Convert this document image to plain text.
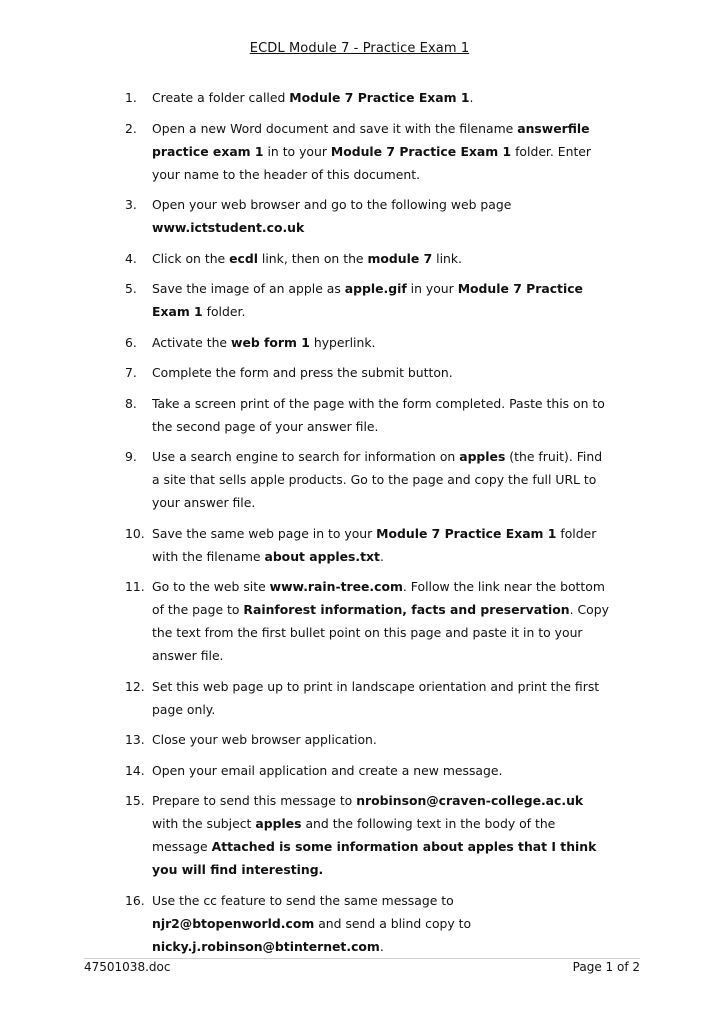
ECDL Module 7 - Practice Exam 1
1. Create a folder called Module 7 Practice Exam 1.
2. Open a new Word document and save it with the filename answerfile practice exam 1 in to your Module 7 Practice Exam 1 folder. Enter your name to the header of this document.
3. Open your web browser and go to the following web page www.ictstudent.co.uk
4. Click on the ecdl link, then on the module 7 link.
5. Save the image of an apple as apple.gif in your Module 7 Practice Exam 1 folder.
6. Activate the web form 1 hyperlink.
7. Complete the form and press the submit button.
8. Take a screen print of the page with the form completed. Paste this on to the second page of your answer file.
9. Use a search engine to search for information on apples (the fruit). Find a site that sells apple products. Go to the page and copy the full URL to your answer file.
10. Save the same web page in to your Module 7 Practice Exam 1 folder with the filename about apples.txt.
11. Go to the web site www.rain-tree.com. Follow the link near the bottom of the page to Rainforest information, facts and preservation. Copy the text from the first bullet point on this page and paste it in to your answer file.
12. Set this web page up to print in landscape orientation and print the first page only.
13. Close your web browser application.
14. Open your email application and create a new message.
15. Prepare to send this message to nrobinson@craven-college.ac.uk with the subject apples and the following text in the body of the message Attached is some information about apples that I think you will find interesting.
16. Use the cc feature to send the same message to njr2@btopenworld.com and send a blind copy to nicky.j.robinson@btinternet.com.
47501038.doc	Page 1 of 2
